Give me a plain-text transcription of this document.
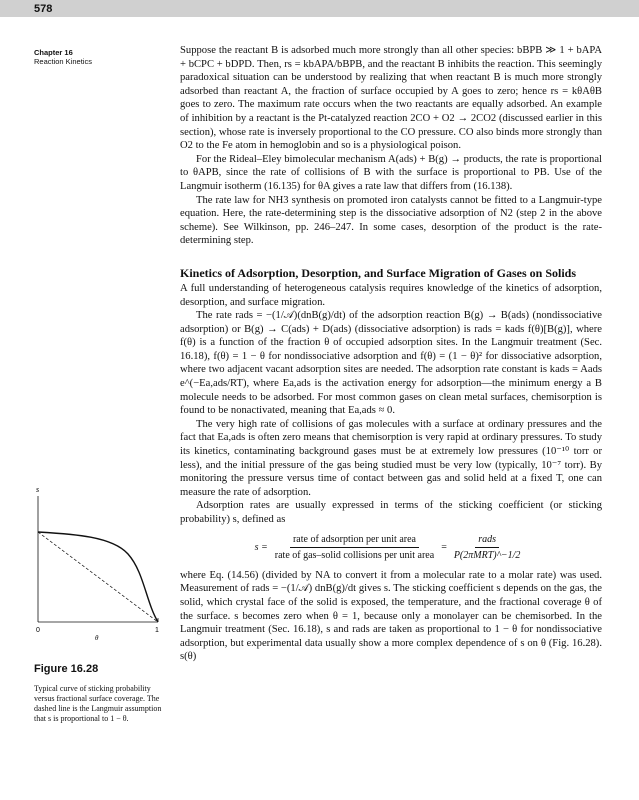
578
Chapter 16
Reaction Kinetics

Suppose the reactant B is adsorbed much more strongly than all other species: bBPB ≫ 1 + bAPA + bCPC + bDPD. Then, rs = kbAPA/bBPB, and the reactant B inhibits the reaction. This seemingly paradoxical situation can be understood by realizing that when reactant B is much more strongly adsorbed than reactant A, the fraction of surface occupied by A goes to zero; hence rs = kθAθB goes to zero. The maximum rate occurs when the two reactants are equally adsorbed. An example of inhibition by a reactant is the Pt-catalyzed reaction 2CO + O2 → 2CO2 (discussed earlier in this section), whose rate is inversely proportional to the CO pressure. CO also binds more strongly than O2 to the Fe atom in hemoglobin and so is a physiological poison.

For the Rideal–Eley bimolecular mechanism A(ads) + B(g) → products, the rate is proportional to θAPB, since the rate of collisions of B with the surface is proportional to PB. Use of the Langmuir isotherm (16.135) for θA gives a rate law that differs from (16.138).

The rate law for NH3 synthesis on promoted iron catalysts cannot be fitted to a Langmuir-type equation. Here, the rate-determining step is the dissociative adsorption of N2 (step 2 in the above scheme). See Wilkinson, pp. 246–247. In some cases, desorption of the product is the rate-determining step.

Kinetics of Adsorption, Desorption, and Surface Migration of Gases on Solids

A full understanding of heterogeneous catalysis requires knowledge of the kinetics of adsorption, desorption, and surface migration.

The rate rads = −(1/𝒜)(dnB(g)/dt) of the adsorption reaction B(g) → B(ads) (nondissociative adsorption) or B(g) → C(ads) + D(ads) (dissociative adsorption) is rads = kads f(θ)[B(g)], where f(θ) is a function of the fraction θ of occupied adsorption sites. In the Langmuir treatment (Sec. 16.18), f(θ) = 1 − θ for nondissociative adsorption and f(θ) = (1 − θ)² for dissociative adsorption, where two adjacent vacant adsorption sites are needed. The adsorption rate constant is kads = Aads e^(−Ea,ads/RT), where Ea,ads is the activation energy for adsorption—the minimum energy a B molecule needs to be adsorbed. For most common gases on clean metal surfaces, chemisorption is found to be nonactivated, meaning that Ea,ads ≈ 0.

The very high rate of collisions of gas molecules with a surface at ordinary pressures and the fact that Ea,ads is often zero means that chemisorption is very rapid at ordinary pressures. To study its kinetics, contaminating background gases must be at extremely low pressures (10⁻¹⁰ torr or less), and the initial pressure of the gas being studied must be very low (typically, 10⁻⁷ torr). By monitoring the pressure versus time of contact between gas and solid held at a fixed T, one can measure the rate of adsorption.

Adsorption rates are usually expressed in terms of the sticking coefficient (or sticking probability) s, defined as

$s = \frac{\text{rate of adsorption per unit area}}{\text{rate of gas–solid collisions per unit area}} = \frac{\text{rads}}{\text{P(2πMRT)\textasciicircum{}−1/2}}$

where Eq. (14.56) (divided by NA to convert it from a molecular rate to a molar rate) was used. Measurement of rads = −(1/𝒜) dnB(g)/dt gives s. The sticking coefficient s depends on the gas, the solid, which crystal face of the solid is exposed, the temperature, and the fractional coverage θ of the surface. s becomes zero when θ = 1, because only a monolayer can be chemisorbed. In the Langmuir treatment (Sec. 16.18), s and rads are taken as proportional to 1 − θ for nondissociative adsorption, but experimental data usually show a more complex dependence of s on θ (Fig. 16.28). s(θ)

s
0	1
θ
Figure 16.28
Typical curve of sticking probability versus fractional surface coverage. The dashed line is the Langmuir assumption that s is proportional to 1 − θ.
